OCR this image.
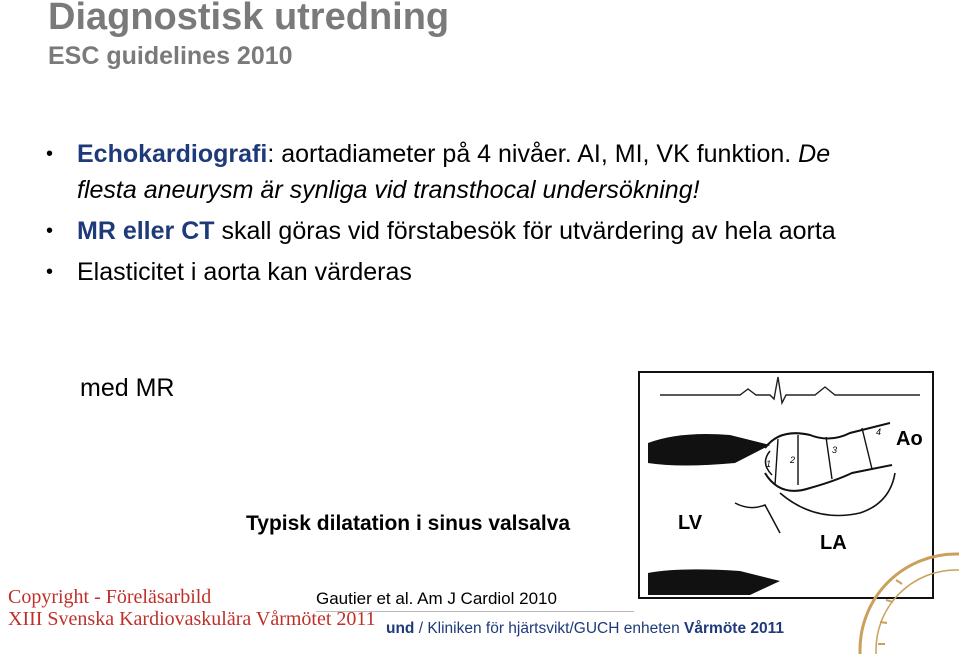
Diagnostisk utredning
ESC guidelines 2010
• Echokardiografi: aortadiameter på 4 nivåer. AI, MI, VK funktion. De flesta aneurysm är synliga vid transthocal undersökning!
• MR eller CT skall göras vid förstabesök för utvärdering av hela aorta
• Elasticitet i aorta kan värderas
med MR
1 2
3
4 Ao
LV
LA
Typisk dilatation i sinus valsalva
Gautier et al. Am J Cardiol 2010
Copyright - Föreläsarbild
XIII Svenska Kardiovaskulära Vårmötet 2011 und / Kliniken för hjärtsvikt/GUCH enheten Vårmöte 2011
